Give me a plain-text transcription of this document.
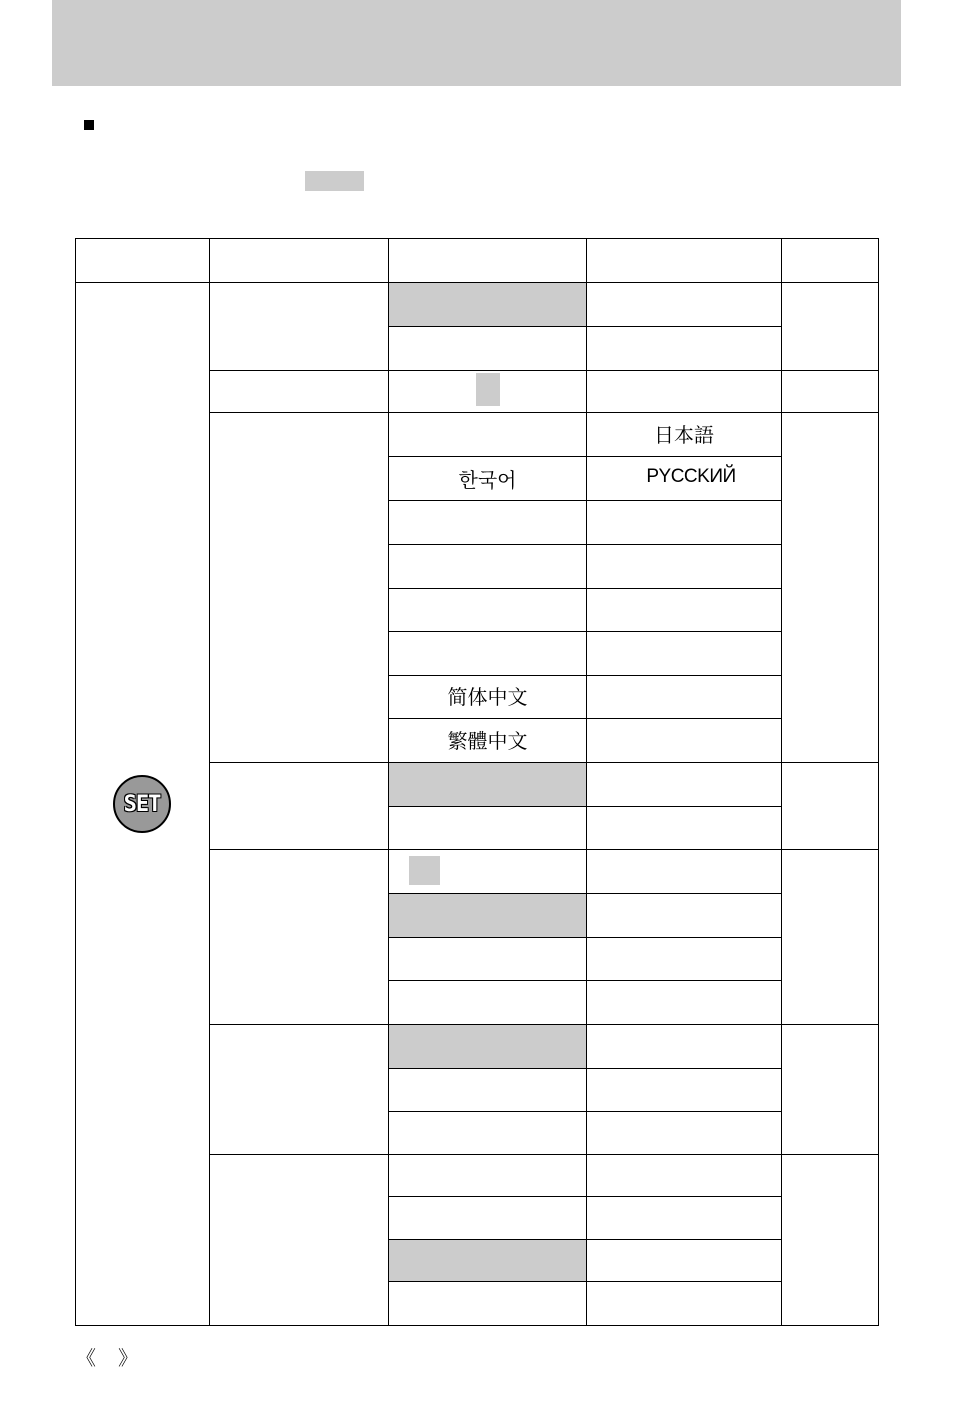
日本語
PYCCKИЙ
한국어
简体中文
繁體中文
SET
《 》
